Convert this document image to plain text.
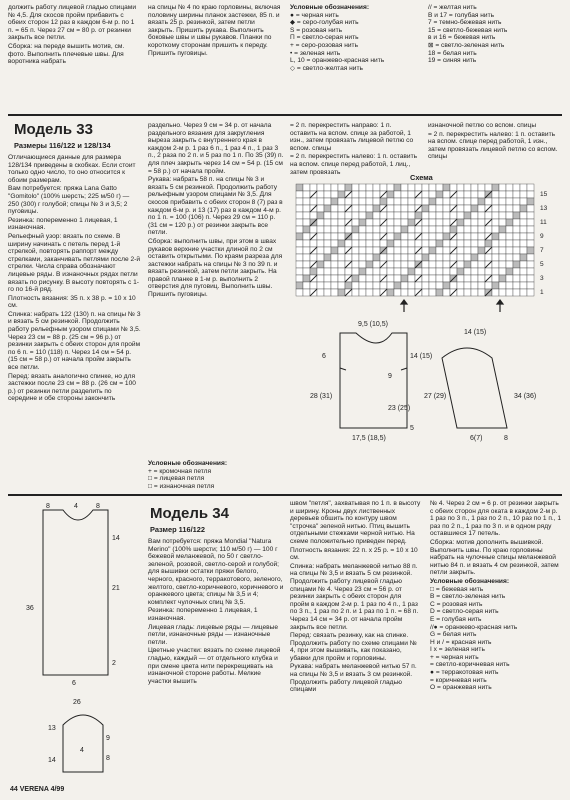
должить работу лицевой гладью спицами № 4,5. Для скосов пройм прибавить с обеих сторон 12 раз в каждом 6-м р. по 1 п. = 65 п. Через 27 см = 80 р. от резинки закрыть все петли.

Сборка: на переде вышить мотив, см. фото. Выполнить плечевые швы. Для воротника набрать

на спицы № 4 по краю горловины, включая половину ширины планок застежки, 85 п. и вязать 25 р. резинкой, затем петли закрыть. Пришить рукава. Выполнить боковые швы и швы рукавов. Планки по короткому сторонам пришить к переду. Пришить пуговицы.

Условные обозначения:

● = черная нить

◆ = серо-голубая нить

S = розовая нить

П = светло-серая нить

+ = серо-розовая нить

• = зеленая нить

L, 10 = оранжево-красная нить

◇ = светло-желтая нить

// = желтая нить

В и 17 = голубая нить

7 = темно-бежевая нить

15 = светло-бежевая нить

в и 16 = бежевая нить

⊠ = светло-зеленая нить

18 = белая нить

19 = синяя нить

Модель 33
Размеры 116/122 и 128/134

Отличающиеся данные для размера 128/134 приведены в скобках. Если стоит только одно число, то оно относится к обоим размерам.

Вам потребуется: пряжа Lana Gatto "Gomitolo" (100% шерсть; 225 м/50 г) — 250 (300) г голубой; спицы № 3 и 3,5; 2 пуговицы.

Резинка: попеременно 1 лицевая, 1 изнаночная.

Рельефный узор: вязать по схеме. В ширину начинать с петель перед 1-й стрелкой, повторять раппорт между стрелками, заканчивать петлями после 2-й стрелки. Числа справа обозначают лицевые ряды. В изнаночных рядах петли вязать по рисунку. В высоту повторять с 1-го по 16-й ряд.

Плотность вязания: 35 п. х 38 р. = 10 х 10 см.

Спинка: набрать 122 (130) п. на спицы № 3 и вязать 5 см резинкой. Продолжить работу рельефным узором спицами № 3,5. Через 23 см = 88 р. (25 см = 96 р.) от резинки закрыть с обеих сторон для пройм по 6 п. = 110 (118) п. Через 14 см = 54 р. (15 см = 58 р.) от начала пройм закрыть все петли.

Перед: вязать аналогично спинке, но для застежки после 23 см = 88 р. (26 см = 100 р.) от резинки петли разделить по середине и обе стороны закончить

раздельно. Через 9 см = 34 р. от начала раздельного вязания для закругления выреза закрыть с внутреннего края в каждом 2-м р. 1 раз 6 п., 1 раз 4 п., 1 раз 3 п., 2 раза по 2 п. и 5 раз по 1 п. По 35 (39) п. для плеч закрыть через 14 см = 54 р. (15 см = 58 р.) от начала пройм.

Рукава: набрать 58 п. на спицы № 3 и вязать 5 см резинкой. Продолжить работу рельефным узором спицами № 3,5. Для скосов прибавить с обеих сторон 8 (7) раз в каждом 6-м р. и 13 (17) раз в каждом 4-м р. по 1 п. = 100 (106) п. Через 29 см = 110 р. (31 см = 120 р.) от резинки закрыть все петли.

Сборка: выполнить швы, при этом в швах рукавов верхние участки длиной по 2 см оставить открытыми. По краям разреза для застежки набрать на спицы № 3 по 39 п. и вязать резинкой, затем петли закрыть. На правой планке в 1-м р. выполнить 2 отверстия для пуговиц. Выполнить швы. Пришить пуговицы.

Условные обозначения:

+ = кромочная петля

□ = лицевая петля

□ = изнаночная петля

= 2 п. перекрестить направо: 1 п. оставить на вспом. спице за работой, 1 изн., затем провязать лицевой петлю со вспом. спицы

= 2 п. перекрестить налево: 1 п. оставить на вспом. спице перед работой, 1 лиц., затем провязать

изнаночной петлю со вспом. спицы

= 2 п. перекрестить налево: 1 п. оставить на вспом. спице перед работой, 1 изн., затем провязать лицевой петлю со вспом. спицы

Схема
15
13
11
9
7
5
3
1
9,5 (10,5)
6	14 (15)
9
23 (25)
28 (31)
17,5 (18,5)
5
14 (15)
27 (29)	34 (36)
6(7)	8
8	4	8
36
21
14
6
2
13
9
8
26
14
4
Модель 34
Размер 116/122

Вам потребуется: пряжа Mondial "Natura Merino" (100% шерсти; 110 м/50 г) — 100 г бежевой меланжевой, по 50 г светло-зеленой, розовой, светло-серой и голубой; для вышивки остатки пряжи белого, черного, красного, терракотового, зеленого, желтого, светло-коричневого, коричневого и оранжевого цвета; спицы № 3,5 и 4; комплект чулочных спиц № 3,5.

Резинка: попеременно 1 лицевая, 1 изнаночная.

Лицевая гладь: лицевые ряды — лицевые петли, изнаночные ряды — изнаночные петли.

Цветные участки: вязать по схеме лицевой гладью, каждый — от отдельного клубка и при смене цвета нити перекрещивать на изнаночной стороне работы. Мелкие участки вышить

швом "петля", захватывая по 1 п. в высоту и ширину. Кроны двух лиственных деревьев обшить по контуру швом "строчка" зеленой нитью. Птиц вышить отдельными стежками черной нитью. На схеме положительно приведен перед.

Плотность вязания: 22 п. х 25 р. = 10 х 10 см.

Спинка: набрать меланжевой нитью 88 п. на спицы № 3,5 и вязать 5 см резинкой. Продолжить работу лицевой гладью спицами № 4. Через 23 см = 56 р. от резинки закрыть с обеих сторон для пройм в каждом 2-м р. 1 раз по 4 п., 1 раз по 3 п., 1 раз по 2 п. и 1 раз по 1 п. = 68 п. Через 14 см = 34 р. от начала пройм закрыть все петли.

Перед: связать резинку, как на спинке. Продолжить работу по схеме спицами № 4, при этом вышивать, как показано, убавки для пройм и горловины.

Рукава: набрать меланжевой нитью 57 п. на спицы № 3,5 и вязать 3 см резинкой. Продолжить работу лицевой гладью спицами

№ 4. Через 2 см = 6 р. от резинки закрыть с обеих сторон для оката в каждом 2-м р. 1 раз по 3 п., 1 раз по 2 п., 10 раз по 1 п., 1 раз по 2 п., 1 раз по 3 п. и в одном ряду оставшиеся 17 петель.

Сборка: мотив дополнить вышивкой. Выполнить швы. По краю горловины набрать на чулочные спицы меланжевой нитью 84 п. и вязать 4 см резинкой, затем петли закрыть.

Условные обозначения:

□ = бежевая нить

В = светло-зеленая нить

С = розовая нить

D = светло-серая нить

Е = голубая нить

//● = оранжево-красная нить

G = белая нить

Н и / = красная нить

I х = зеленая нить

+ = черная нить

= светло-коричневая нить

● = терракотовая нить

= коричневая нить

О = оранжевая нить

44 VERENA 4/99
